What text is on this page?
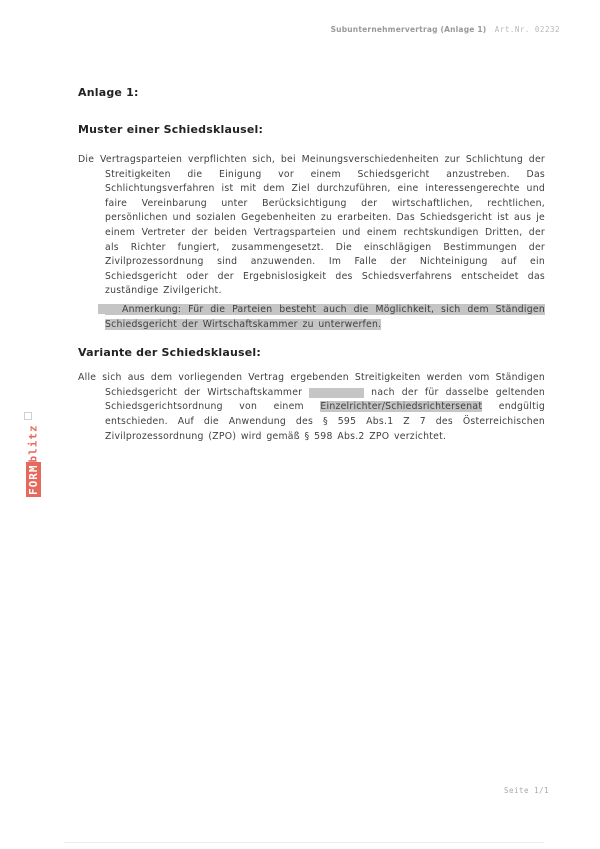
Subunternehmervertrag (Anlage 1) Art.Nr. 02232

Anlage 1:

Muster einer Schiedsklausel:

Die Vertragsparteien verpflichten sich, bei Meinungsverschiedenheiten zur Schlichtung der Streitigkeiten die Einigung vor einem Schiedsgericht anzustreben. Das Schlichtungsverfahren ist mit dem Ziel durchzuführen, eine interessengerechte und faire Vereinbarung unter Berücksichtigung der wirtschaftlichen, rechtlichen, persönlichen und sozialen Gegebenheiten zu erarbeiten. Das Schiedsgericht ist aus je einem Vertreter der beiden Vertragsparteien und einem rechtskundigen Dritten, der als Richter fungiert, zusammengesetzt. Die einschlägigen Bestimmungen der Zivilprozessordnung sind anzuwenden. Im Falle der Nichteinigung auf ein Schiedsgericht oder der Ergebnislosigkeit des Schiedsverfahrens entscheidet das zuständige Zivilgericht.

Anmerkung: Für die Parteien besteht auch die Möglichkeit, sich dem Ständigen Schiedsgericht der Wirtschaftskammer zu unterwerfen.

Variante der Schiedsklausel:

Alle sich aus dem vorliegenden Vertrag ergebenden Streitigkeiten werden vom Ständigen Schiedsgericht der Wirtschaftskammer	nach der für dasselbe geltenden Schiedsgerichtsordnung von einem Einzelrichter/Schiedsrichtersenat endgültig entschieden. Auf die Anwendung des § 595 Abs.1 Z 7 des Österreichischen Zivilprozessordnung (ZPO) wird gemäß § 598 Abs.2 ZPO verzichtet.

FORMblitz
Seite 1/1
